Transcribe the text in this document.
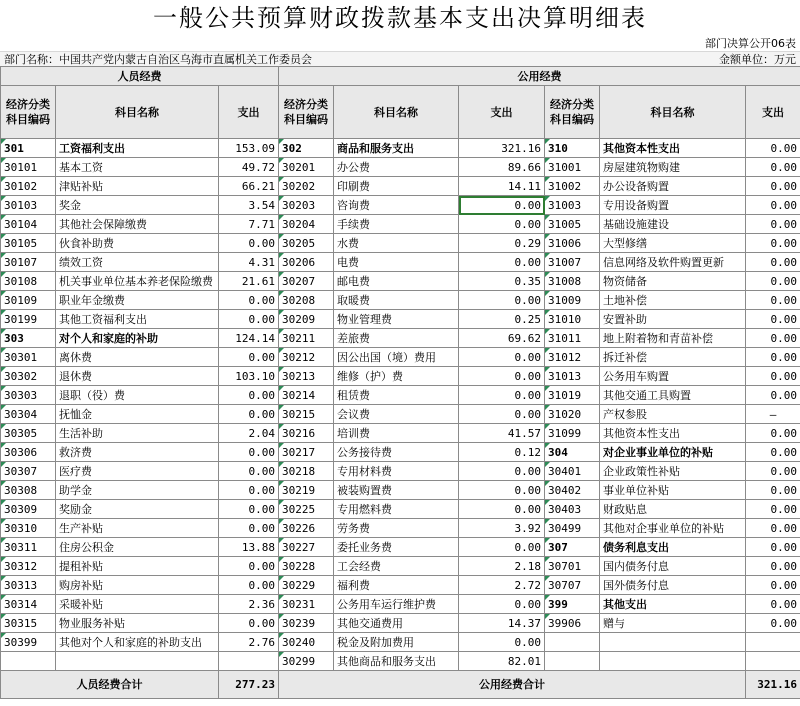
一般公共预算财政拨款基本支出决算明细表
部门决算公开06表
部门名称：中国共产党内蒙古自治区乌海市直属机关工作委员会	金额单位：万元
人员经费			公用经费					
经济分类科目编码	科目名称	支出	经济分类科目编码	科目名称	支出	经济分类科目编码	科目名称	支出
301	工资福利支出	153.09	302	商品和服务支出	321.16	310	其他资本性支出	0.00
30101	基本工资	49.72	30201	办公费	89.66	31001	房屋建筑物购建	0.00
30102	津贴补贴	66.21	30202	印刷费	14.11	31002	办公设备购置	0.00
30103	奖金	3.54	30203	咨询费	0.00	31003	专用设备购置	0.00
30104	其他社会保障缴费	7.71	30204	手续费	0.00	31005	基础设施建设	0.00
30105	伙食补助费	0.00	30205	水费	0.29	31006	大型修缮	0.00
30107	绩效工资	4.31	30206	电费	0.00	31007	信息网络及软件购置更新	0.00
30108	机关事业单位基本养老保险缴费	21.61	30207	邮电费	0.35	31008	物资储备	0.00
30109	职业年金缴费	0.00	30208	取暖费	0.00	31009	土地补偿	0.00
30199	其他工资福利支出	0.00	30209	物业管理费	0.25	31010	安置补助	0.00
303	对个人和家庭的补助	124.14	30211	差旅费	69.62	31011	地上附着物和青苗补偿	0.00
30301	离休费	0.00	30212	因公出国（境）费用	0.00	31012	拆迁补偿	0.00
30302	退休费	103.10	30213	维修（护）费	0.00	31013	公务用车购置	0.00
30303	退职（役）费	0.00	30214	租赁费	0.00	31019	其他交通工具购置	0.00
30304	抚恤金	0.00	30215	会议费	0.00	31020	产权参股	—
30305	生活补助	2.04	30216	培训费	41.57	31099	其他资本性支出	0.00
30306	救济费	0.00	30217	公务接待费	0.12	304	对企业事业单位的补贴	0.00
30307	医疗费	0.00	30218	专用材料费	0.00	30401	企业政策性补贴	0.00
30308	助学金	0.00	30219	被装购置费	0.00	30402	事业单位补贴	0.00
30309	奖励金	0.00	30225	专用燃料费	0.00	30403	财政贴息	0.00
30310	生产补贴	0.00	30226	劳务费	3.92	30499	其他对企事业单位的补贴	0.00
30311	住房公积金	13.88	30227	委托业务费	0.00	307	债务利息支出	0.00
30312	提租补贴	0.00	30228	工会经费	2.18	30701	国内债务付息	0.00
30313	购房补贴	0.00	30229	福利费	2.72	30707	国外债务付息	0.00
30314	采暖补贴	2.36	30231	公务用车运行维护费	0.00	399	其他支出	0.00
30315	物业服务补贴	0.00	30239	其他交通费用	14.37	39906	赠与	0.00
30399	其他对个人和家庭的补助支出	2.76	30240	税金及附加费用	0.00			
			30299	其他商品和服务支出	82.01			
人员经费合计		277.23	公用经费合计					321.16
